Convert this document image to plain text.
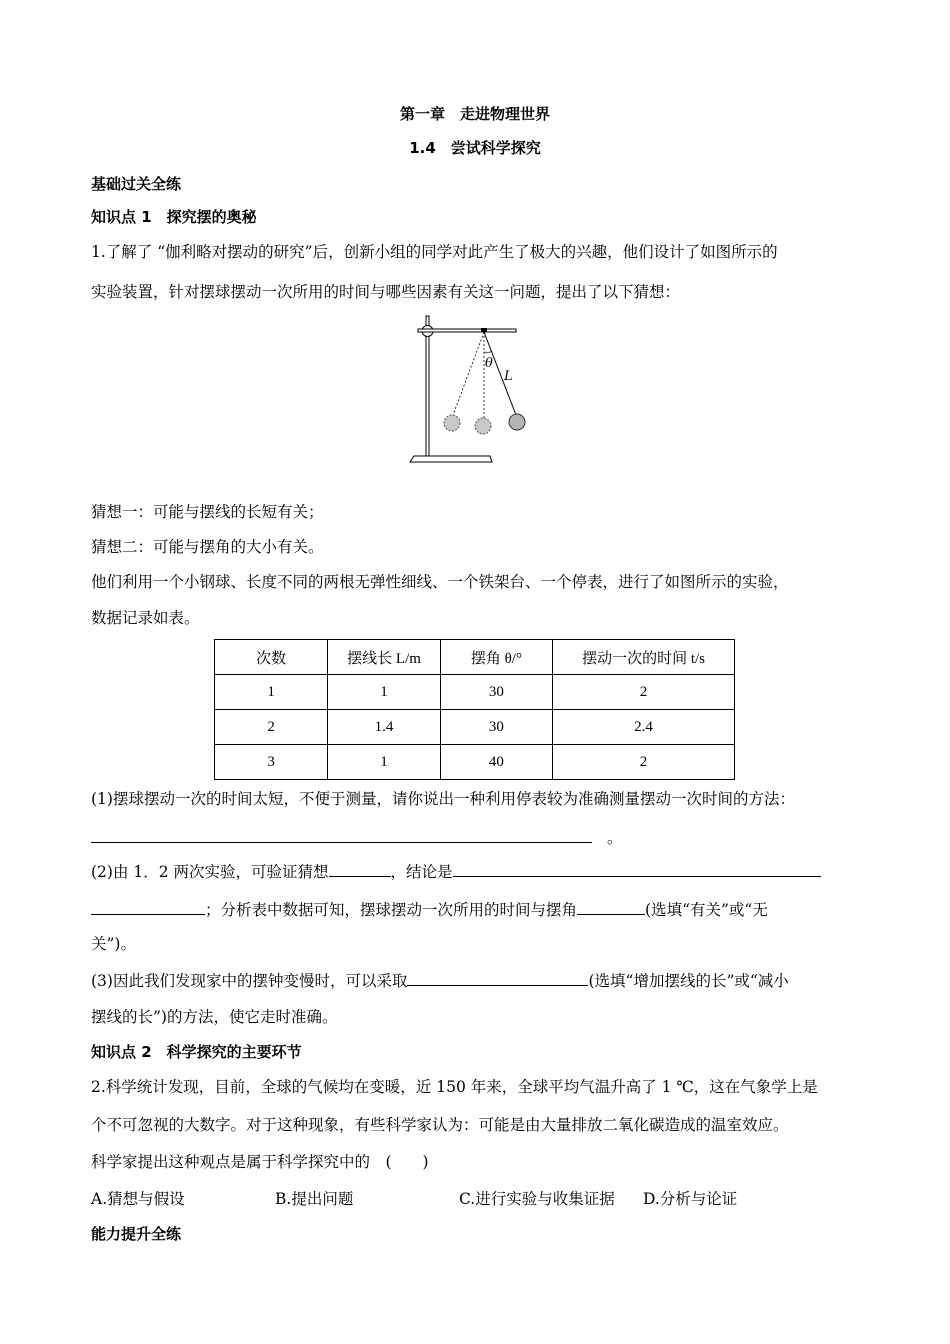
第一章　走进物理世界
1.4　尝试科学探究
基础过关全练
知识点 1　探究摆的奥秘
1.了解了 “伽利略对摆动的研究”后，创新小组的同学对此产生了极大的兴趣，他们设计了如图所示的
实验装置，针对摆球摆动一次所用的时间与哪些因素有关这一问题，提出了以下猜想：
θ
L
猜想一：可能与摆线的长短有关；
猜想二：可能与摆角的大小有关。
他们利用一个小钢球、长度不同的两根无弹性细线、一个铁架台、一个停表，进行了如图所示的实验，
数据记录如表。
次数	摆线长 L/m	摆角 θ/°	摆动一次的时间 t/s
1	1	30	2
2	1.4	30	2.4
3	1	40	2
(1)摆球摆动一次的时间太短，不便于测量，请你说出一种利用停表较为准确测量摆动一次时间的方法：
。
(2)由 1．2 两次实验，可验证猜想	，结论是
；分析表中数据可知，摆球摆动一次所用的时间与摆角	(选填“有关”或“无
关”)。
(3)因此我们发现家中的摆钟变慢时，可以采取	(选填“增加摆线的长”或“减小
摆线的长”)的方法，使它走时准确。
知识点 2　科学探究的主要环节
2.科学统计发现，目前，全球的气候均在变暖，近 150 年来，全球平均气温升高了 1 ℃，这在气象学上是
个不可忽视的大数字。对于这种现象，有些科学家认为：可能是由大量排放二氧化碳造成的温室效应。
科学家提出这种观点是属于科学探究中的　(　　)
A.猜想与假设	B.提出问题	C.进行实验与收集证据 D.分析与论证
能力提升全练
